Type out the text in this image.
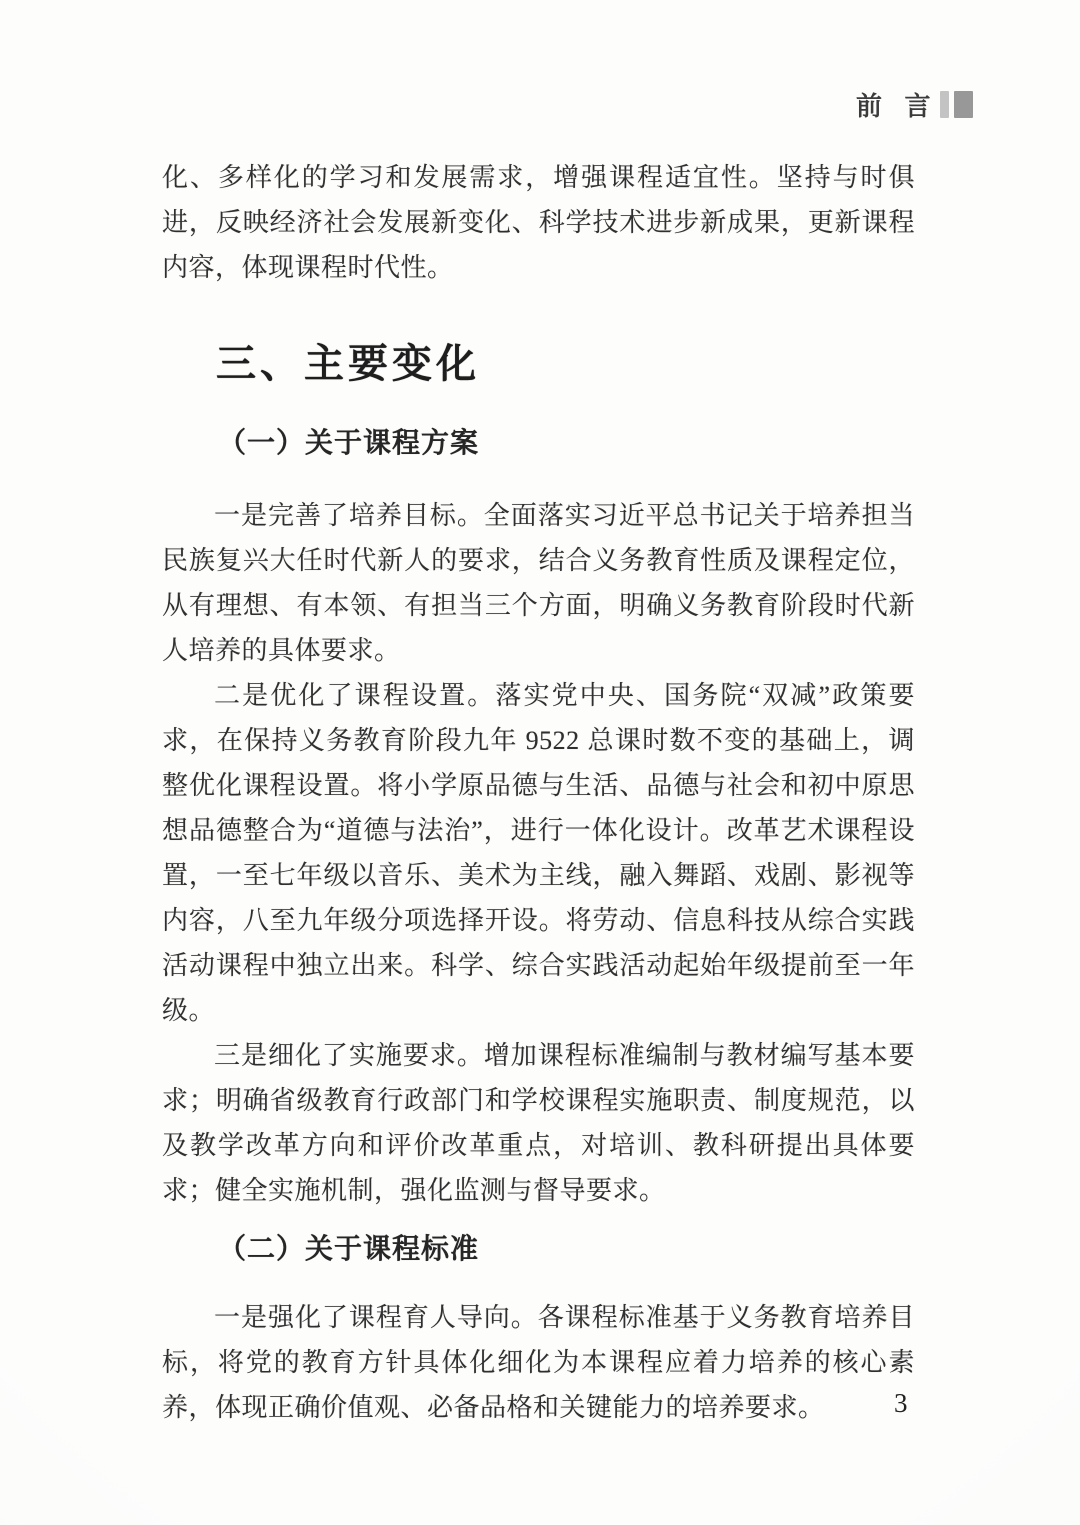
前 言

化、多样化的学习和发展需求，增强课程适宜性。坚持与时俱进，反映经济社会发展新变化、科学技术进步新成果，更新课程内容，体现课程时代性。

三、主要变化
（一）关于课程方案

一是完善了培养目标。全面落实习近平总书记关于培养担当民族复兴大任时代新人的要求，结合义务教育性质及课程定位，从有理想、有本领、有担当三个方面，明确义务教育阶段时代新人培养的具体要求。

二是优化了课程设置。落实党中央、国务院“双减”政策要求，在保持义务教育阶段九年 9522 总课时数不变的基础上，调整优化课程设置。将小学原品德与生活、品德与社会和初中原思想品德整合为“道德与法治”，进行一体化设计。改革艺术课程设置，一至七年级以音乐、美术为主线，融入舞蹈、戏剧、影视等内容，八至九年级分项选择开设。将劳动、信息科技从综合实践活动课程中独立出来。科学、综合实践活动起始年级提前至一年级。

三是细化了实施要求。增加课程标准编制与教材编写基本要求；明确省级教育行政部门和学校课程实施职责、制度规范，以及教学改革方向和评价改革重点，对培训、教科研提出具体要求；健全实施机制，强化监测与督导要求。

（二）关于课程标准

一是强化了课程育人导向。各课程标准基于义务教育培养目标，将党的教育方针具体化细化为本课程应着力培养的核心素养，体现正确价值观、必备品格和关键能力的培养要求。	3
